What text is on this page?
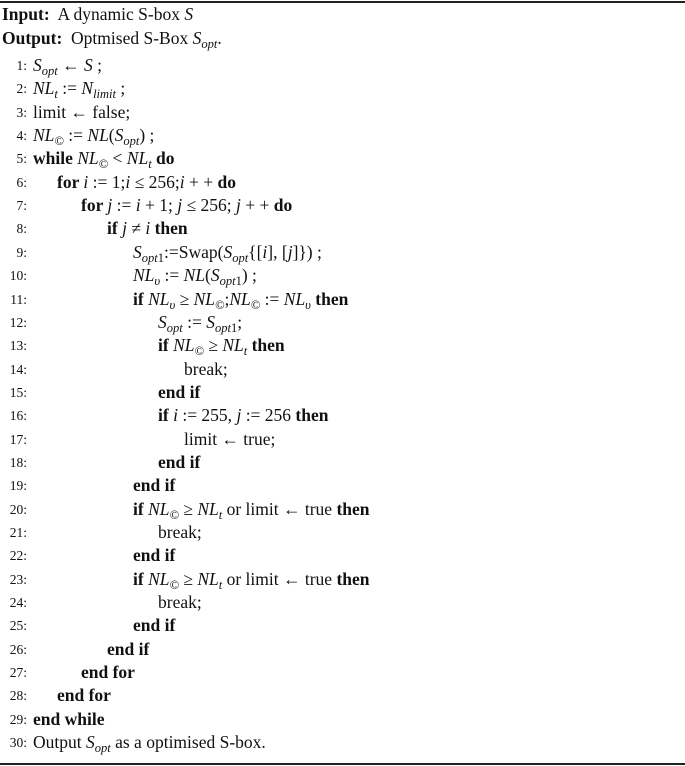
Input: A dynamic S-box S
Output: Optmised S-Box $S_{opt}$.
1: $S_{opt}$ ← S ;
2: $NL_t$ := $N_{limit}$ ;
3: limit ← false;
4: $NL_©$ := $NL(S_{opt})$ ;
5: while $NL_© < NL_t$ do
6: for i := 1;i ≤ 256;i + + do
7:	for j := i + 1; j ≤ 256; j + + do
8:	if j ≠ i then
9:	$S_{opt1}:=Swap(S_{opt}\{[i]$, [j]}) ;
10:	$NL_\upsilon$ := $NL(S_{opt1})$ ;
11:	if $NL_\upsilon$ ≥ $NL_©;NL_©$ := $NL_\upsilon$ then
12:	$S_{opt}$ := $S_{opt1}$;
13:	if $NL_© \ge NL_t$ then
14:	break;
15:	end if
16:	if i := 255, j := 256 then
17:	limit ← true;
18:	end if
19:	end if
20:	if $NL_© \ge NL_t$ or limit ← true then
21:	break;
22:	end if
23:	if $NL_© \ge NL_t$ or limit ← true then
24:	break;
25:	end if
26:	end if
27:	end for
28: end for
29: end while
30: Output $S_{opt}$ as a optimised S-box.
